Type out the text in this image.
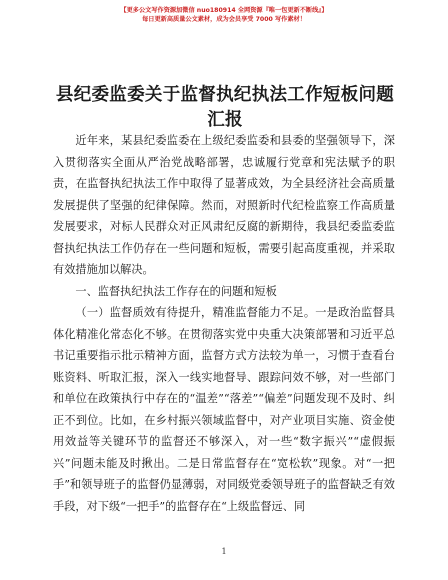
【更多公文写作资源加微信 nuo180914 全网资源『唯一包更新不断线』】
每日更新高质量公文素材，成为会员享受 7000 写作素材！
县纪委监委关于监督执纪执法工作短板问题汇报

近年来，某县纪委监委在上级纪委监委和县委的坚强领导下，深入贯彻落实全面从严治党战略部署，忠诚履行党章和宪法赋予的职责，在监督执纪执法工作中取得了显著成效，为全县经济社会高质量发展提供了坚强的纪律保障。然而，对照新时代纪检监察工作高质量发展要求，对标人民群众对正风肃纪反腐的新期待，我县纪委监委监督执纪执法工作仍存在一些问题和短板，需要引起高度重视，并采取有效措施加以解决。

一、监督执纪执法工作存在的问题和短板

（一）监督质效有待提升，精准监督能力不足。一是政治监督具体化精准化常态化不够。在贯彻落实党中央重大决策部署和习近平总书记重要指示批示精神方面，监督方式方法较为单一，习惯于查看台账资料、听取汇报，深入一线实地督导、跟踪问效不够，对一些部门和单位在政策执行中存在的“温差”“落差”“偏差”问题发现不及时、纠正不到位。比如，在乡村振兴领域监督中，对产业项目实施、资金使用效益等关键环节的监督还不够深入，对一些“数字振兴”“虚假振兴”问题未能及时揪出。二是日常监督存在“宽松软”现象。对“一把手”和领导班子的监督仍显薄弱，对同级党委领导班子的监督缺乏有效手段，对下级“一把手”的监督存在“上级监督远、同

1
